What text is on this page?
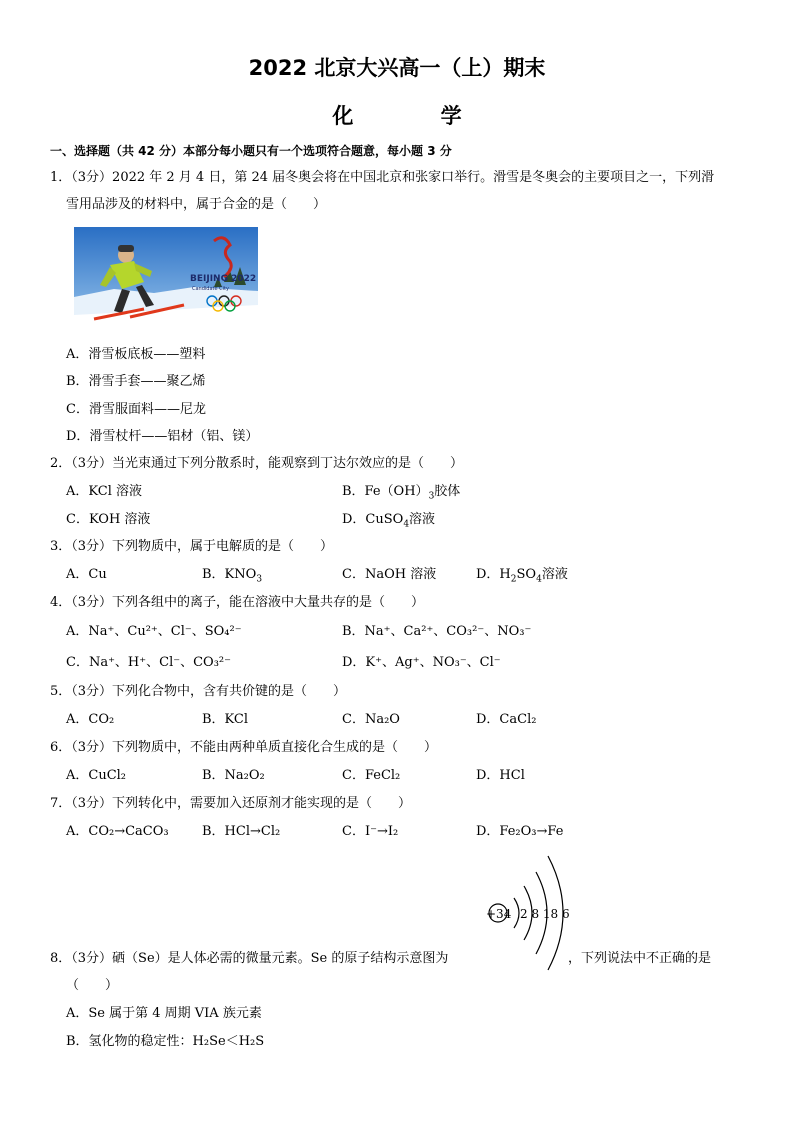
2022 北京大兴高一（上）期末
化 学
一、选择题（共 42 分）本部分每小题只有一个选项符合题意，每小题 3 分
1．（3分）2022 年 2 月 4 日，第 24 届冬奥会将在中国北京和张家口举行。滑雪是冬奥会的主要项目之一，下列滑
雪用品涉及的材料中，属于合金的是（　　）
BEIJING 2022
Candidate City
A．滑雪板底板——塑料
B．滑雪手套——聚乙烯
C．滑雪服面料——尼龙
D．滑雪杖杆——铝材（铝、镁）
2．（3分）当光束通过下列分散系时，能观察到丁达尔效应的是（　　）
A．KCl 溶液	B．$Fe(OH)_3$胶体
C．KOH 溶液	D．CuSO$_4$溶液
3．（3分）下列物质中，属于电解质的是（　　）
A．Cu	B．$KNO_3$	C．NaOH 溶液	D．$H_2SO_4$溶液
4．（3分）下列各组中的离子，能在溶液中大量共存的是（　　）
A．Na⁺、Cu²⁺、Cl⁻、SO₄²⁻	B．Na⁺、Ca²⁺、CO₃²⁻、NO₃⁻
C．Na⁺、H⁺、Cl⁻、CO₃²⁻	D．K⁺、Ag⁺、NO₃⁻、Cl⁻
5．（3分）下列化合物中，含有共价键的是（　　）
A．CO₂	B．KCl	C．Na₂O	D．CaCl₂
6．（3分）下列物质中，不能由两种单质直接化合生成的是（　　）
A．CuCl₂	B．Na₂O₂	C．FeCl₂	D．HCl
7．（3分）下列转化中，需要加入还原剂才能实现的是（　　）
A．CO₂→CaCO₃	B．HCl→Cl₂	C．I⁻→I₂	D．Fe₂O₃→Fe
+34 2 8 18 6
8．（3分）硒（Se）是人体必需的微量元素。Se 的原子结构示意图为	，下列说法中不正确的是
（　　）
A．Se 属于第 4 周期 VIA 族元素
B．氢化物的稳定性：H₂Se＜H₂S
